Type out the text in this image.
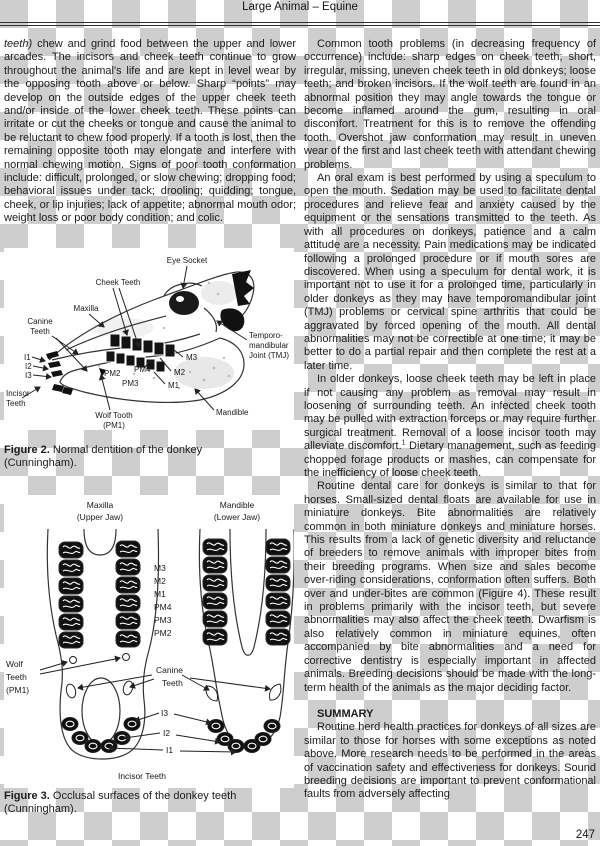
Large Animal – Equine

teeth) chew and grind food between the upper and lower arcades. The incisors and cheek teeth continue to grow throughout the animal's life and are kept in level wear by the opposing tooth above or below. Sharp “points” may develop on the outside edges of the upper cheek teeth and/or inside of the lower cheek teeth. These points can irritate or cut the cheeks or tongue and cause the animal to be reluctant to chew food properly. If a tooth is lost, then the remaining opposite tooth may elongate and interfere with normal chewing motion. Signs of poor tooth conformation include: difficult, prolonged, or slow chewing; dropping food; behavioral issues under tack; drooling; quidding; tongue, cheek, or lip injuries; lack of appetite; abnormal mouth odor; weight loss or poor body condition; and colic.

Eye Socket
Cheek Teeth
Maxilla
Canine
Teeth	Temporo-
mandibular
Joint (TMJ)
I1
I2
I3
Incisor
Teeth
Wolf Tooth
(PM1)
PM2
PM3
PM4
M1
M2
M3
Mandible
Figure 2. Normal dentition of the donkey
(Cunningham).
Maxilla
(Upper Jaw)
Mandible
(Lower Jaw)
M3
M2
M1
PM4
PM3
PM2
Wolf
Teeth
(PM1)
Canine
Teeth
I3
I2
I1
Incisor Teeth
Figure 3. Occlusal surfaces of the donkey teeth
(Cunningham).

Common tooth problems (in decreasing frequency of occurrence) include: sharp edges on cheek teeth; short, irregular, missing, uneven cheek teeth in old donkeys; loose teeth; and broken incisors. If the wolf teeth are found in an abnormal position they may angle towards the tongue or become inflamed around the gum, resulting in oral discomfort. Treatment for this is to remove the offending tooth. Overshot jaw conformation may result in uneven wear of the first and last cheek teeth with attendant chewing problems.

An oral exam is best performed by using a speculum to open the mouth. Sedation may be used to facilitate dental procedures and relieve fear and anxiety caused by the equipment or the sensations transmitted to the teeth. As with all procedures on donkeys, patience and a calm attitude are a necessity. Pain medications may be indicated following a prolonged procedure or if mouth sores are discovered. When using a speculum for dental work, it is important not to use it for a prolonged time, particularly in older donkeys as they may have temporomandibular joint (TMJ) problems or cervical spine arthritis that could be aggravated by forced opening of the mouth. All dental abnormalities may not be correctible at one time; it may be better to do a partial repair and then complete the rest at a later time.

In older donkeys, loose cheek teeth may be left in place if not causing any problem as removal may result in loosening of surrounding teeth. An infected cheek tooth may be pulled with extraction forceps or may require further surgical treatment. Removal of a loose incisor tooth may alleviate discomfort.$^1$ Dietary management, such as feeding chopped forage products or mashes, can compensate for the inefficiency of loose cheek teeth.

Routine dental care for donkeys is similar to that for horses. Small-sized dental floats are available for use in miniature donkeys. Bite abnormalities are relatively common in both miniature donkeys and miniature horses. This results from a lack of genetic diversity and reluctance of breeders to remove animals with improper bites from their breeding programs. When size and sales become over-riding considerations, conformation often suffers. Both over and under-bites are common (Figure 4). These result in problems primarily with the incisor teeth, but severe abnormalities may also affect the cheek teeth. Dwarfism is also relatively common in miniature equines, often accompanied by bite abnormalities and a need for corrective dentistry is especially important in affected animals. Breeding decisions should be made with the long-term health of the animals as the major deciding factor.

SUMMARY

Routine herd health practices for donkeys of all sizes are similar to those for horses with some exceptions as noted above. More research needs to be performed in the areas of vaccination safety and effectiveness for donkeys. Sound breeding decisions are important to prevent conformational faults from adversely affecting

247
